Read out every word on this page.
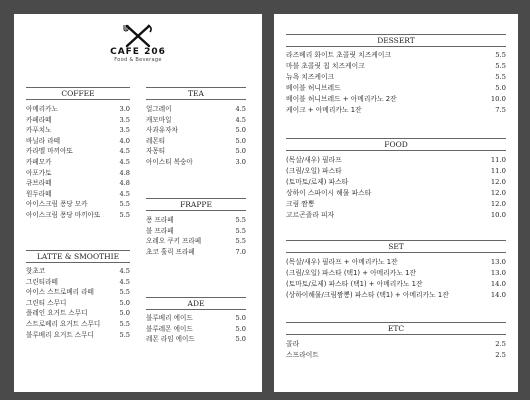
CAFE 206
Food & Beverage
COFFEE
아메리카노	3.0
카페라떼	3.5
카푸치노	3.5
바닐라 라떼	4.0
카라멜 마끼아또	4.5
카페모카	4.5
아포가토	4.8
큐브라떼	4.8
원두라떼	4.5
아이스크림 퐁당 모카	5.5
아이스크림 퐁당 마끼아또	5.5
LATTE & SMOOTHIE
핫초코	4.5
그린티라떼	4.5
아이스 스트로베리 라떼	5.5
그린티 스무디	5.0
플레인 요거트 스무디	5.0
스트로베리 요거트 스무디	5.5
블루베리 요거트 스무디	5.5
TEA
얼그레이	4.5
캐모마일	4.5
사과유자차	5.0
레몬티	5.0
자몽티	5.0
아이스티 복숭아	3.0
FRAPPE
퐁 프라페	5.5
블 프라페	5.5
오레오 쿠키 프라페	5.5
초코 훌릭 프라페	7.0
ADE
블루베리 에이드	5.0
블루레몬 에이드	5.0
레몬 라임 에이드	5.0
DESSERT
라즈베리 화이트 초콜릿 치즈케이크	5.5
마블 초콜릿 칩 치즈케이크	5.5
뉴욕 치즈케이크	5.5
베이블 허니브레드	5.0
베이블 허니브레드 + 아메리카노 2잔	10.0
케이크 + 아메리카노 1잔	7.5
FOOD
(목살/새우) 필라프	11.0
(크림/오일) 파스타	11.0
(토마토/로제) 파스타	12.0
상하이 스파이시 해물 파스타	12.0
크림 짬뽕	12.0
고르곤졸라 피자	10.0
SET
(목살/새우) 필라프 + 아메리카노 1잔	13.0
(크림/오일) 파스타 (택1) + 아메리카노 1잔	13.0
(토마토/로제) 파스타 (택1) + 아메리카노 1잔	14.0
(상하이해물/크림짬뽕) 파스타 (택1) + 아메리카노 1잔	14.0
ETC
콜라	2.5
스프라이트	2.5
